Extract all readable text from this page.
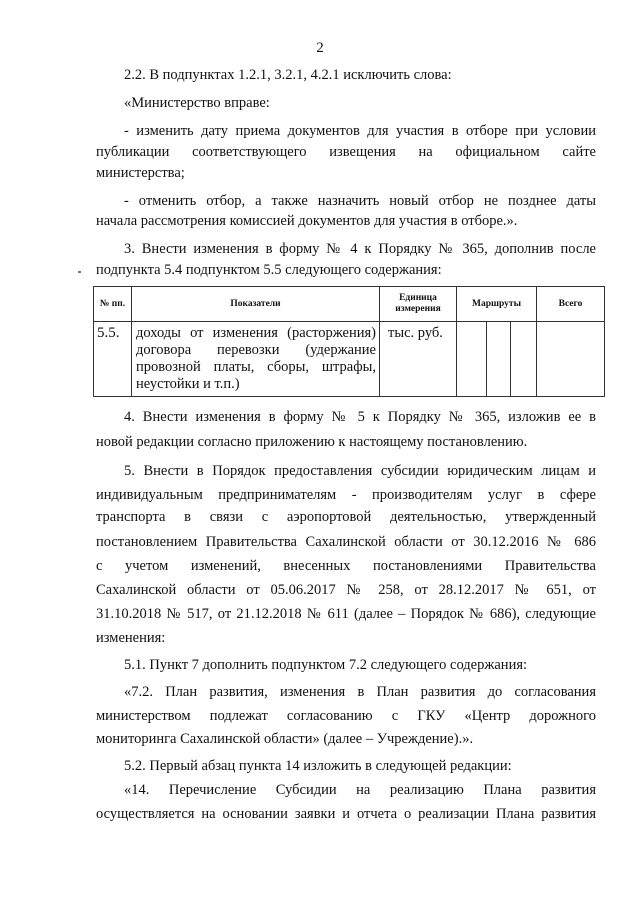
2
2.2. В подпунктах 1.2.1, 3.2.1, 4.2.1 исключить слова:
«Министерство вправе:
- изменить дату приема документов для участия в отборе при условии
публикации соответствующего извещения на официальном сайте
министерства;
- отменить отбор, а также назначить новый отбор не позднее даты
начала рассмотрения комиссией документов для участия в отборе.».
3. Внести изменения в форму № 4 к Порядку № 365, дополнив после
подпункта 5.4 подпунктом 5.5 следующего содержания:
№ пп.	Показатели	Единица измерения	Маршруты			Всего
5.5.	доходы от изменения (расторжения) договора перевозки (удержание провозной платы, сборы, штрафы, неустойки и т.п.)	тыс. руб.				
4. Внести изменения в форму № 5 к Порядку № 365, изложив ее в
новой редакции согласно приложению к настоящему постановлению.
5. Внести в Порядок предоставления субсидии юридическим лицам и
индивидуальным предпринимателям - производителям услуг в сфере
транспорта в связи с аэропортовой деятельностью, утвержденный
постановлением Правительства Сахалинской области от 30.12.2016 № 686
с учетом изменений, внесенных постановлениями Правительства
Сахалинской области от 05.06.2017 № 258, от 28.12.2017 № 651, от
31.10.2018 № 517, от 21.12.2018 № 611 (далее – Порядок № 686), следующие
изменения:
5.1. Пункт 7 дополнить подпунктом 7.2 следующего содержания:
«7.2. План развития, изменения в План развития до согласования
министерством подлежат согласованию с ГКУ «Центр дорожного
мониторинга Сахалинской области» (далее – Учреждение).».
5.2. Первый абзац пункта 14 изложить в следующей редакции:
«14. Перечисление Субсидии на реализацию Плана развития
осуществляется на основании заявки и отчета о реализации Плана развития
